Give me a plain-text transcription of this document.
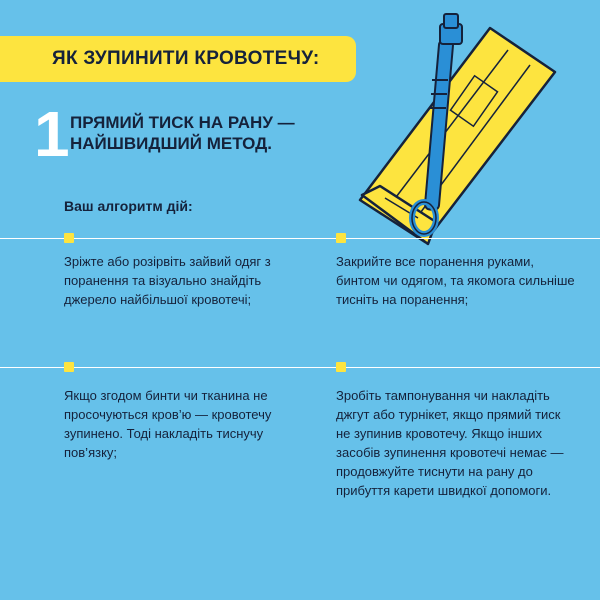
ЯК ЗУПИНИТИ КРОВОТЕЧУ:
1 ПРЯМИЙ ТИСК НА РАНУ —
НАЙШВИДШИЙ МЕТОД.
Ваш алгоритм дій:
Зріжте або розірвіть зайвий одяг з поранення та візуально знайдіть джерело найбільшої кровотечі;
Закрийте все поранення руками, бинтом чи одягом, та якомога сильніше тисніть на поранення;
Якщо згодом бинти чи тканина не просочуються кров’ю — кровотечу зупинено. Тоді накладіть тиснучу пов’язку;
Зробіть тампонування чи накладіть джгут або турнікет, якщо прямий тиск не зупинив кровотечу. Якщо інших засобів зупинення кровотечі немає — продовжуйте тиснути на рану до прибуття карети швидкої допомоги.
